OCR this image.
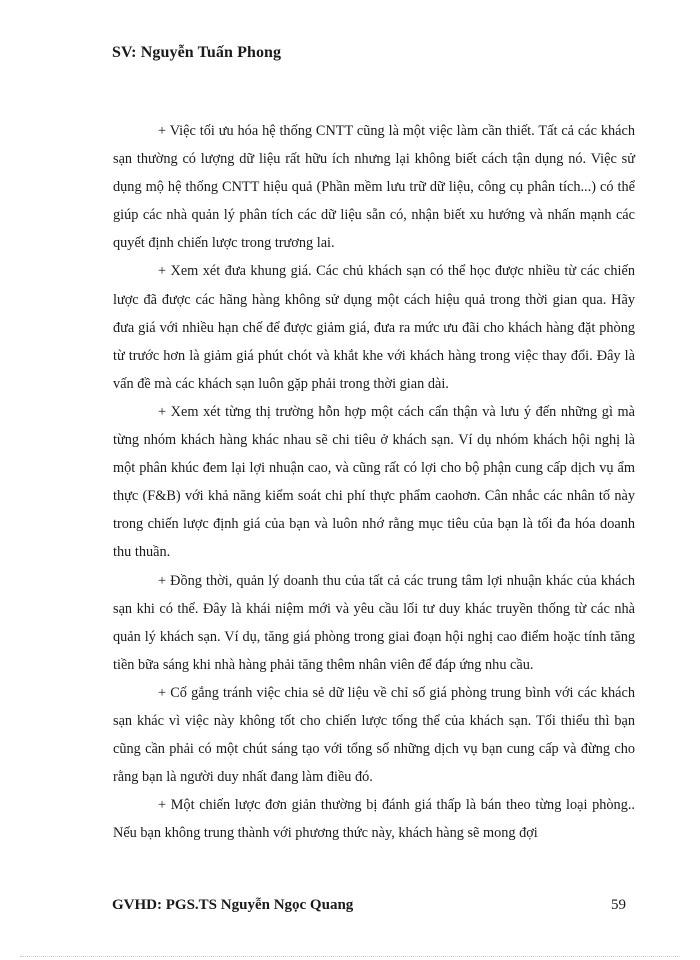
SV: Nguyễn Tuấn Phong

+ Việc tối ưu hóa hệ thống CNTT cũng là một việc làm cần thiết. Tất cả các khách sạn thường có lượng dữ liệu rất hữu ích nhưng lại không biết cách tận dụng nó. Việc sử dụng mộ hệ thống CNTT hiệu quả (Phần mềm lưu trữ dữ liệu, công cụ phân tích...) có thể giúp các nhà quản lý phân tích các dữ liệu sẵn có, nhận biết xu hướng và nhấn mạnh các quyết định chiến lược trong trương lai.

+ Xem xét đưa khung giá. Các chủ khách sạn có thể học được nhiều từ các chiến lược đã được các hãng hàng không sử dụng một cách hiệu quả trong thời gian qua. Hãy đưa giá với nhiều hạn chế để được giảm giá, đưa ra mức ưu đãi cho khách hàng đặt phòng từ trước hơn là giảm giá phút chót và khắt khe với khách hàng trong việc thay đổi. Đây là vấn đề mà các khách sạn luôn gặp phải trong thời gian dài.

+ Xem xét từng thị trường hỗn hợp một cách cẩn thận và lưu ý đến những gì mà từng nhóm khách hàng khác nhau sẽ chi tiêu ở khách sạn. Ví dụ nhóm khách hội nghị là một phân khúc đem lại lợi nhuận cao, và cũng rất có lợi cho bộ phận cung cấp dịch vụ ẩm thực (F&B) với khả năng kiểm soát chi phí thực phẩm caohơn. Cân nhắc các nhân tố này trong chiến lược định giá của bạn và luôn nhớ rằng mục tiêu của bạn là tối đa hóa doanh thu thuần.

+ Đồng thời, quản lý doanh thu của tất cả các trung tâm lợi nhuận khác của khách sạn khi có thể. Đây là khái niệm mới và yêu cầu lối tư duy khác truyền thống từ các nhà quản lý khách sạn. Ví dụ, tăng giá phòng trong giai đoạn hội nghị cao điểm hoặc tính tăng tiền bữa sáng khi nhà hàng phải tăng thêm nhân viên để đáp ứng nhu cầu.

+ Cố gắng tránh việc chia sẻ dữ liệu về chỉ số giá phòng trung bình với các khách sạn khác vì việc này không tốt cho chiến lược tổng thể của khách sạn. Tối thiểu thì bạn cũng cần phải có một chút sáng tạo với tổng số những dịch vụ bạn cung cấp và đừng cho rằng bạn là người duy nhất đang làm điều đó.

+ Một chiến lược đơn giản thường bị đánh giá thấp là bán theo từng loại phòng.. Nếu bạn không trung thành với phương thức này, khách hàng sẽ mong đợi

GVHD: PGS.TS Nguyễn Ngọc Quang	59
